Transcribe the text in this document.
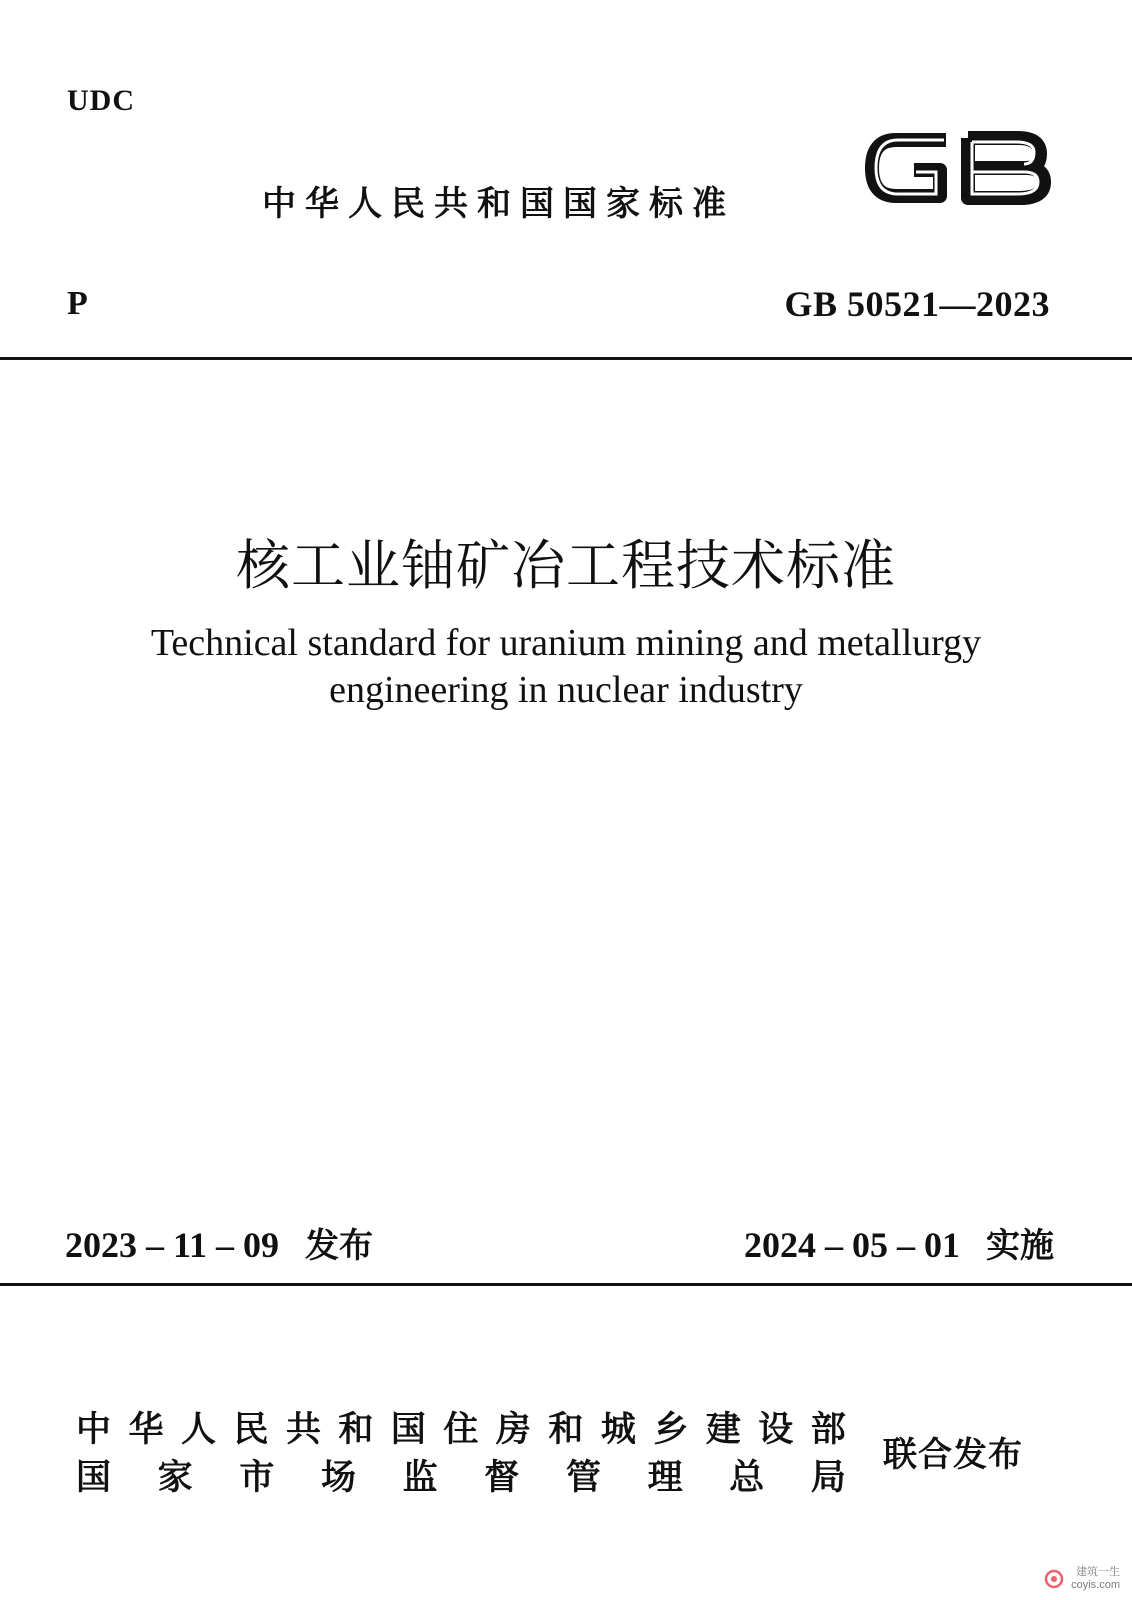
UDC
中华人民共和国国家标准
P	GB 50521—2023
核工业铀矿冶工程技术标准
Technical standard for uranium mining and metallurgy
engineering in nuclear industry
2023 – 11 – 09 发布	2024 – 05 – 01 实施
中 华 人 民 共 和 国 住 房 和 城 乡 建 设 部
国 家 市 场 监 督 管 理 总 局
联合发布
建筑一生
coyis.com
